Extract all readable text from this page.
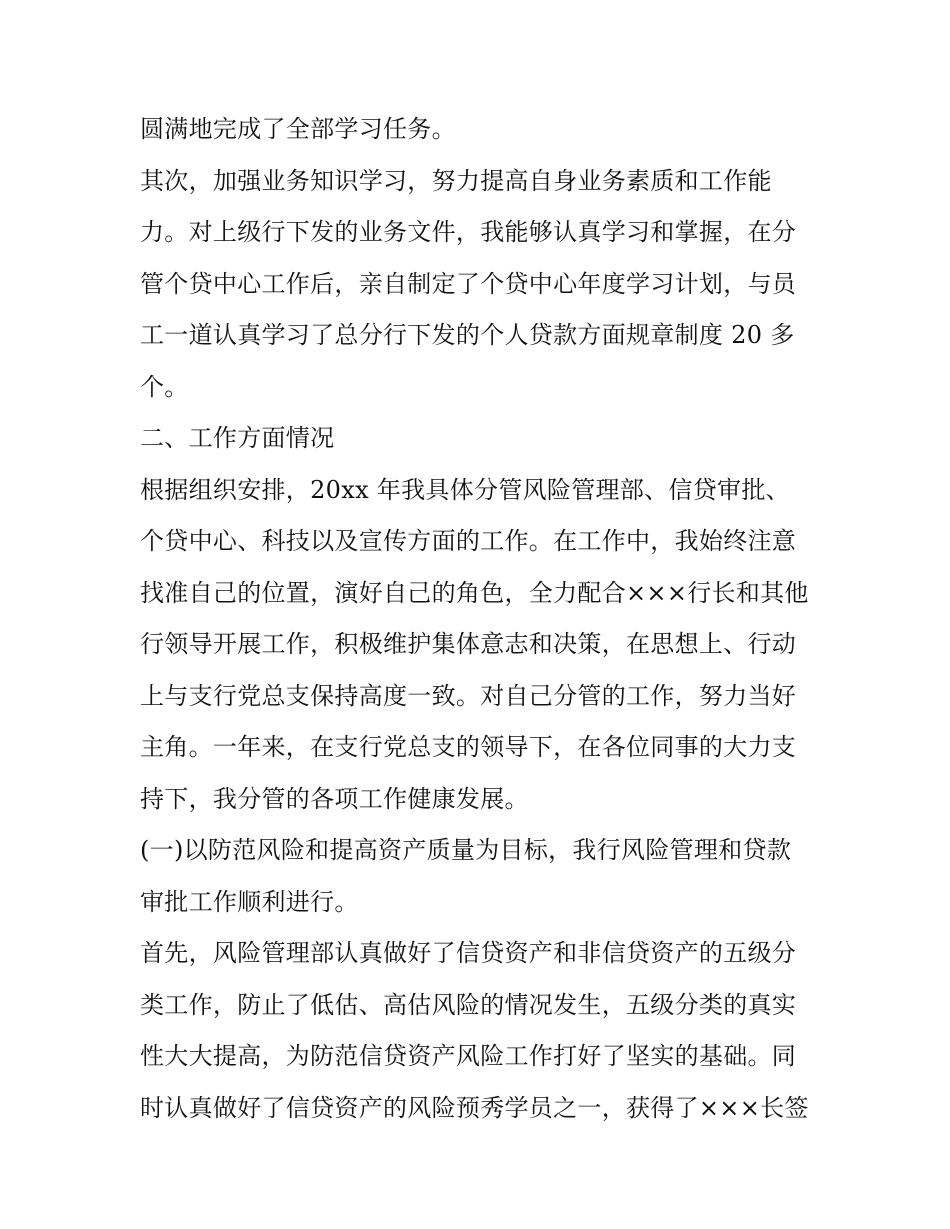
圆满地完成了全部学习任务。
其次，加强业务知识学习，努力提高自身业务素质和工作能
力。对上级行下发的业务文件，我能够认真学习和掌握，在分
管个贷中心工作后，亲自制定了个贷中心年度学习计划，与员
工一道认真学习了总分行下发的个人贷款方面规章制度 20 多
个。
二、工作方面情况
根据组织安排，20xx 年我具体分管风险管理部、信贷审批、
个贷中心、科技以及宣传方面的工作。在工作中，我始终注意
找准自己的位置，演好自己的角色，全力配合×××行长和其他
行领导开展工作，积极维护集体意志和决策，在思想上、行动
上与支行党总支保持高度一致。对自己分管的工作，努力当好
主角。一年来，在支行党总支的领导下，在各位同事的大力支
持下，我分管的各项工作健康发展。
(一)以防范风险和提高资产质量为目标，我行风险管理和贷款
审批工作顺利进行。
首先，风险管理部认真做好了信贷资产和非信贷资产的五级分
类工作，防止了低估、高估风险的情况发生，五级分类的真实
性大大提高，为防范信贷资产风险工作打好了坚实的基础。同
时认真做好了信贷资产的风险预秀学员之一，获得了×××长签
